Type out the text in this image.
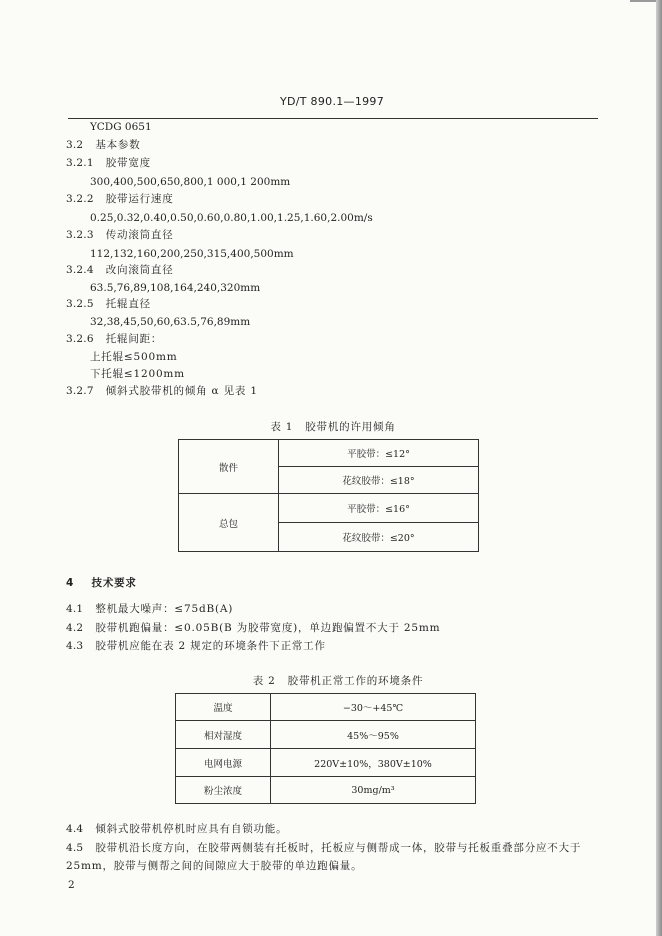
YD/T 890.1—1997
YCDG 0651
3.2 基本参数
3.2.1 胶带宽度
300,400,500,650,800,1 000,1 200mm
3.2.2 胶带运行速度
0.25,0.32,0.40,0.50,0.60,0.80,1.00,1.25,1.60,2.00m/s
3.2.3 传动滚筒直径
112,132,160,200,250,315,400,500mm
3.2.4 改向滚筒直径
63.5,76,89,108,164,240,320mm
3.2.5 托辊直径
32,38,45,50,60,63.5,76,89mm
3.2.6 托辊间距：
上托辊≤500mm
下托辊≤1200mm
3.2.7 倾斜式胶带机的倾角 α 见表 1
表 1 胶带机的许用倾角
散件	平胶带：≤12°
	花纹胶带：≤18°
总包	平胶带：≤16°
	花纹胶带：≤20°
4 技术要求
4.1 整机最大噪声：≤75dB(A)
4.2 胶带机跑偏量：≤0.05B(B 为胶带宽度)，单边跑偏置不大于 25mm
4.3 胶带机应能在表 2 规定的环境条件下正常工作
表 2 胶带机正常工作的环境条件
温度	−30～+45℃
相对湿度	45%～95%
电网电源	220V±10%，380V±10%
粉尘浓度	30mg/m³
4.4 倾斜式胶带机停机时应具有自锁功能。
4.5 胶带机沿长度方向，在胶带两侧装有托板时，托板应与侧帮成一体，胶带与托板重叠部分应不大于
25mm，胶带与侧帮之间的间隙应大于胶带的单边跑偏量。
2
